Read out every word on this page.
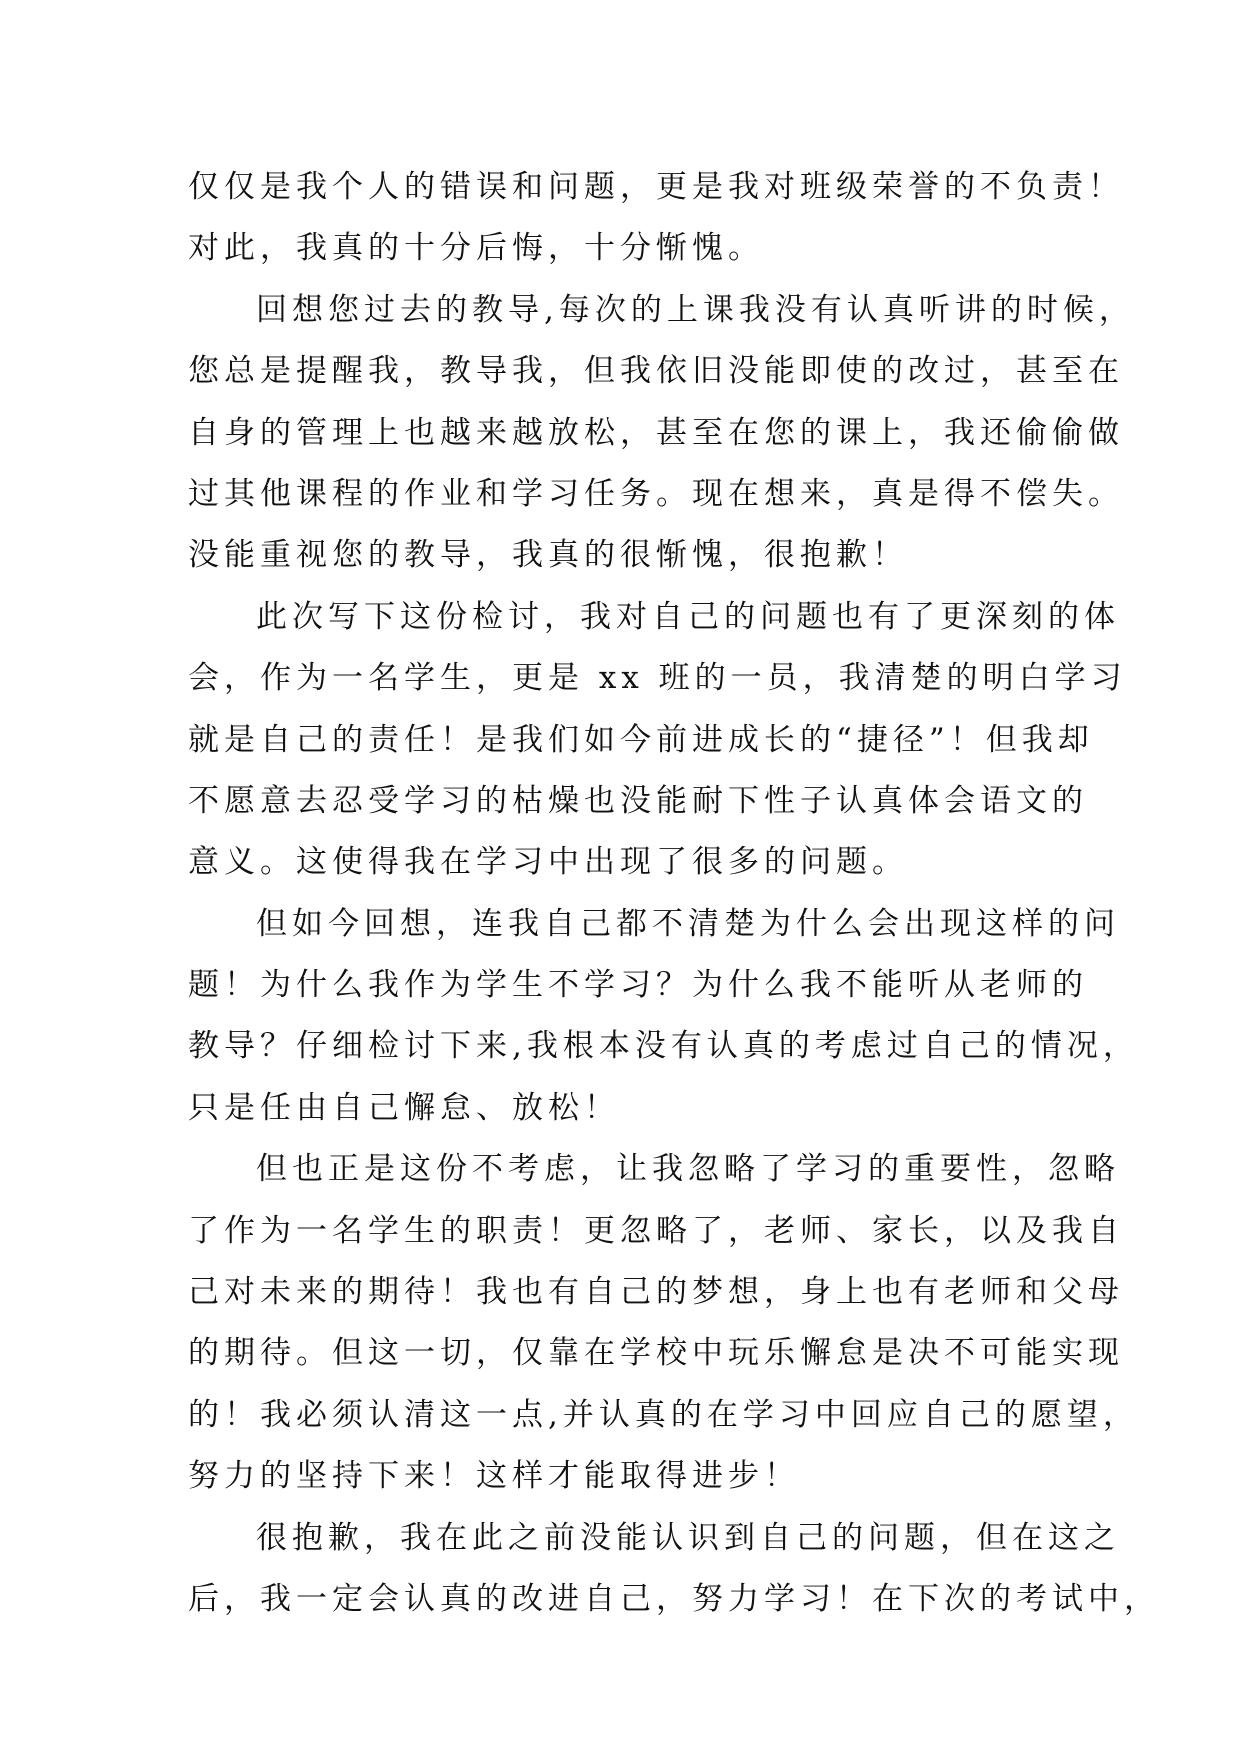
仅仅是我个人的错误和问题，更是我对班级荣誉的不负责！
对此，我真的十分后悔，十分惭愧。
回想您过去的教导,每次的上课我没有认真听讲的时候，
您总是提醒我，教导我，但我依旧没能即使的改过，甚至在
自身的管理上也越来越放松，甚至在您的课上，我还偷偷做
过其他课程的作业和学习任务。现在想来，真是得不偿失。
没能重视您的教导，我真的很惭愧，很抱歉！
此次写下这份检讨，我对自己的问题也有了更深刻的体
会，作为一名学生，更是 xx 班的一员，我清楚的明白学习
就是自己的责任！是我们如今前进成长的“捷径”！但我却
不愿意去忍受学习的枯燥也没能耐下性子认真体会语文的
意义。这使得我在学习中出现了很多的问题。
但如今回想，连我自己都不清楚为什么会出现这样的问
题！为什么我作为学生不学习？为什么我不能听从老师的
教导？仔细检讨下来,我根本没有认真的考虑过自己的情况，
只是任由自己懈怠、放松！
但也正是这份不考虑，让我忽略了学习的重要性，忽略
了作为一名学生的职责！更忽略了，老师、家长，以及我自
己对未来的期待！我也有自己的梦想，身上也有老师和父母
的期待。但这一切，仅靠在学校中玩乐懈怠是决不可能实现
的！我必须认清这一点,并认真的在学习中回应自己的愿望，
努力的坚持下来！这样才能取得进步！
很抱歉，我在此之前没能认识到自己的问题，但在这之
后，我一定会认真的改进自己，努力学习！在下次的考试中，
